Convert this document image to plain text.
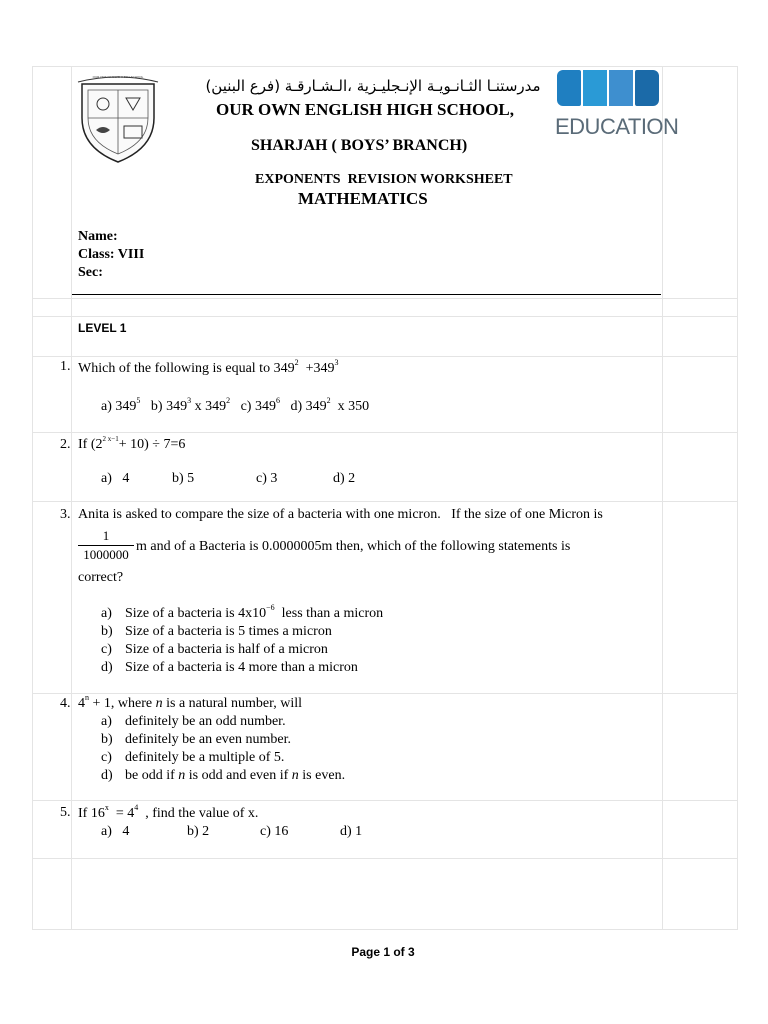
OUR OWN ENGLISH HIGH SCHOOL	مدرستنـا الثـانـويـة الإنـجليـزية ،الـشـارقـة (فرع البنين)
OUR OWN ENGLISH HIGH SCHOOL,
SHARJAH ( BOYS’ BRANCH)
EDUCATION
EXPONENTS  REVISION WORKSHEET
MATHEMATICS
Name:
Class: VIII
Sec:
LEVEL 1
1. Which of the following is equal to $349^2 +349^3$
a) $349^5$ b) $349^3$ x $349^2$ c) $349^6$ d) $349^2$  x 350
2. If $(2^{2 x-1}+ 10) \div 7=6$
a) 4	b) 5	c) 3	d) 2
3. Anita is asked to compare the size of a bacteria with one micron.   If the size of one Micron is
1
1000000
m and of a Bacteria is 0.0000005m then, which of the following statements is
correct?
a) Size of a bacteria is $4x10^{-6}$  less than a micron
b) Size of a bacteria is 5 times a micron
c) Size of a bacteria is half of a micron
d) Size of a bacteria is 4 more than a micron
4. $4^n + 1$, where n is a natural number, will
a) definitely be an odd number.
b) definitely be an even number.
c) definitely be a multiple of 5.
d) be odd if n is odd and even if n is even.
5. If $16^x = 4^4$  , find the value of x.
a) 4	b) 2	c) 16	d) 1
Page 1 of 3
